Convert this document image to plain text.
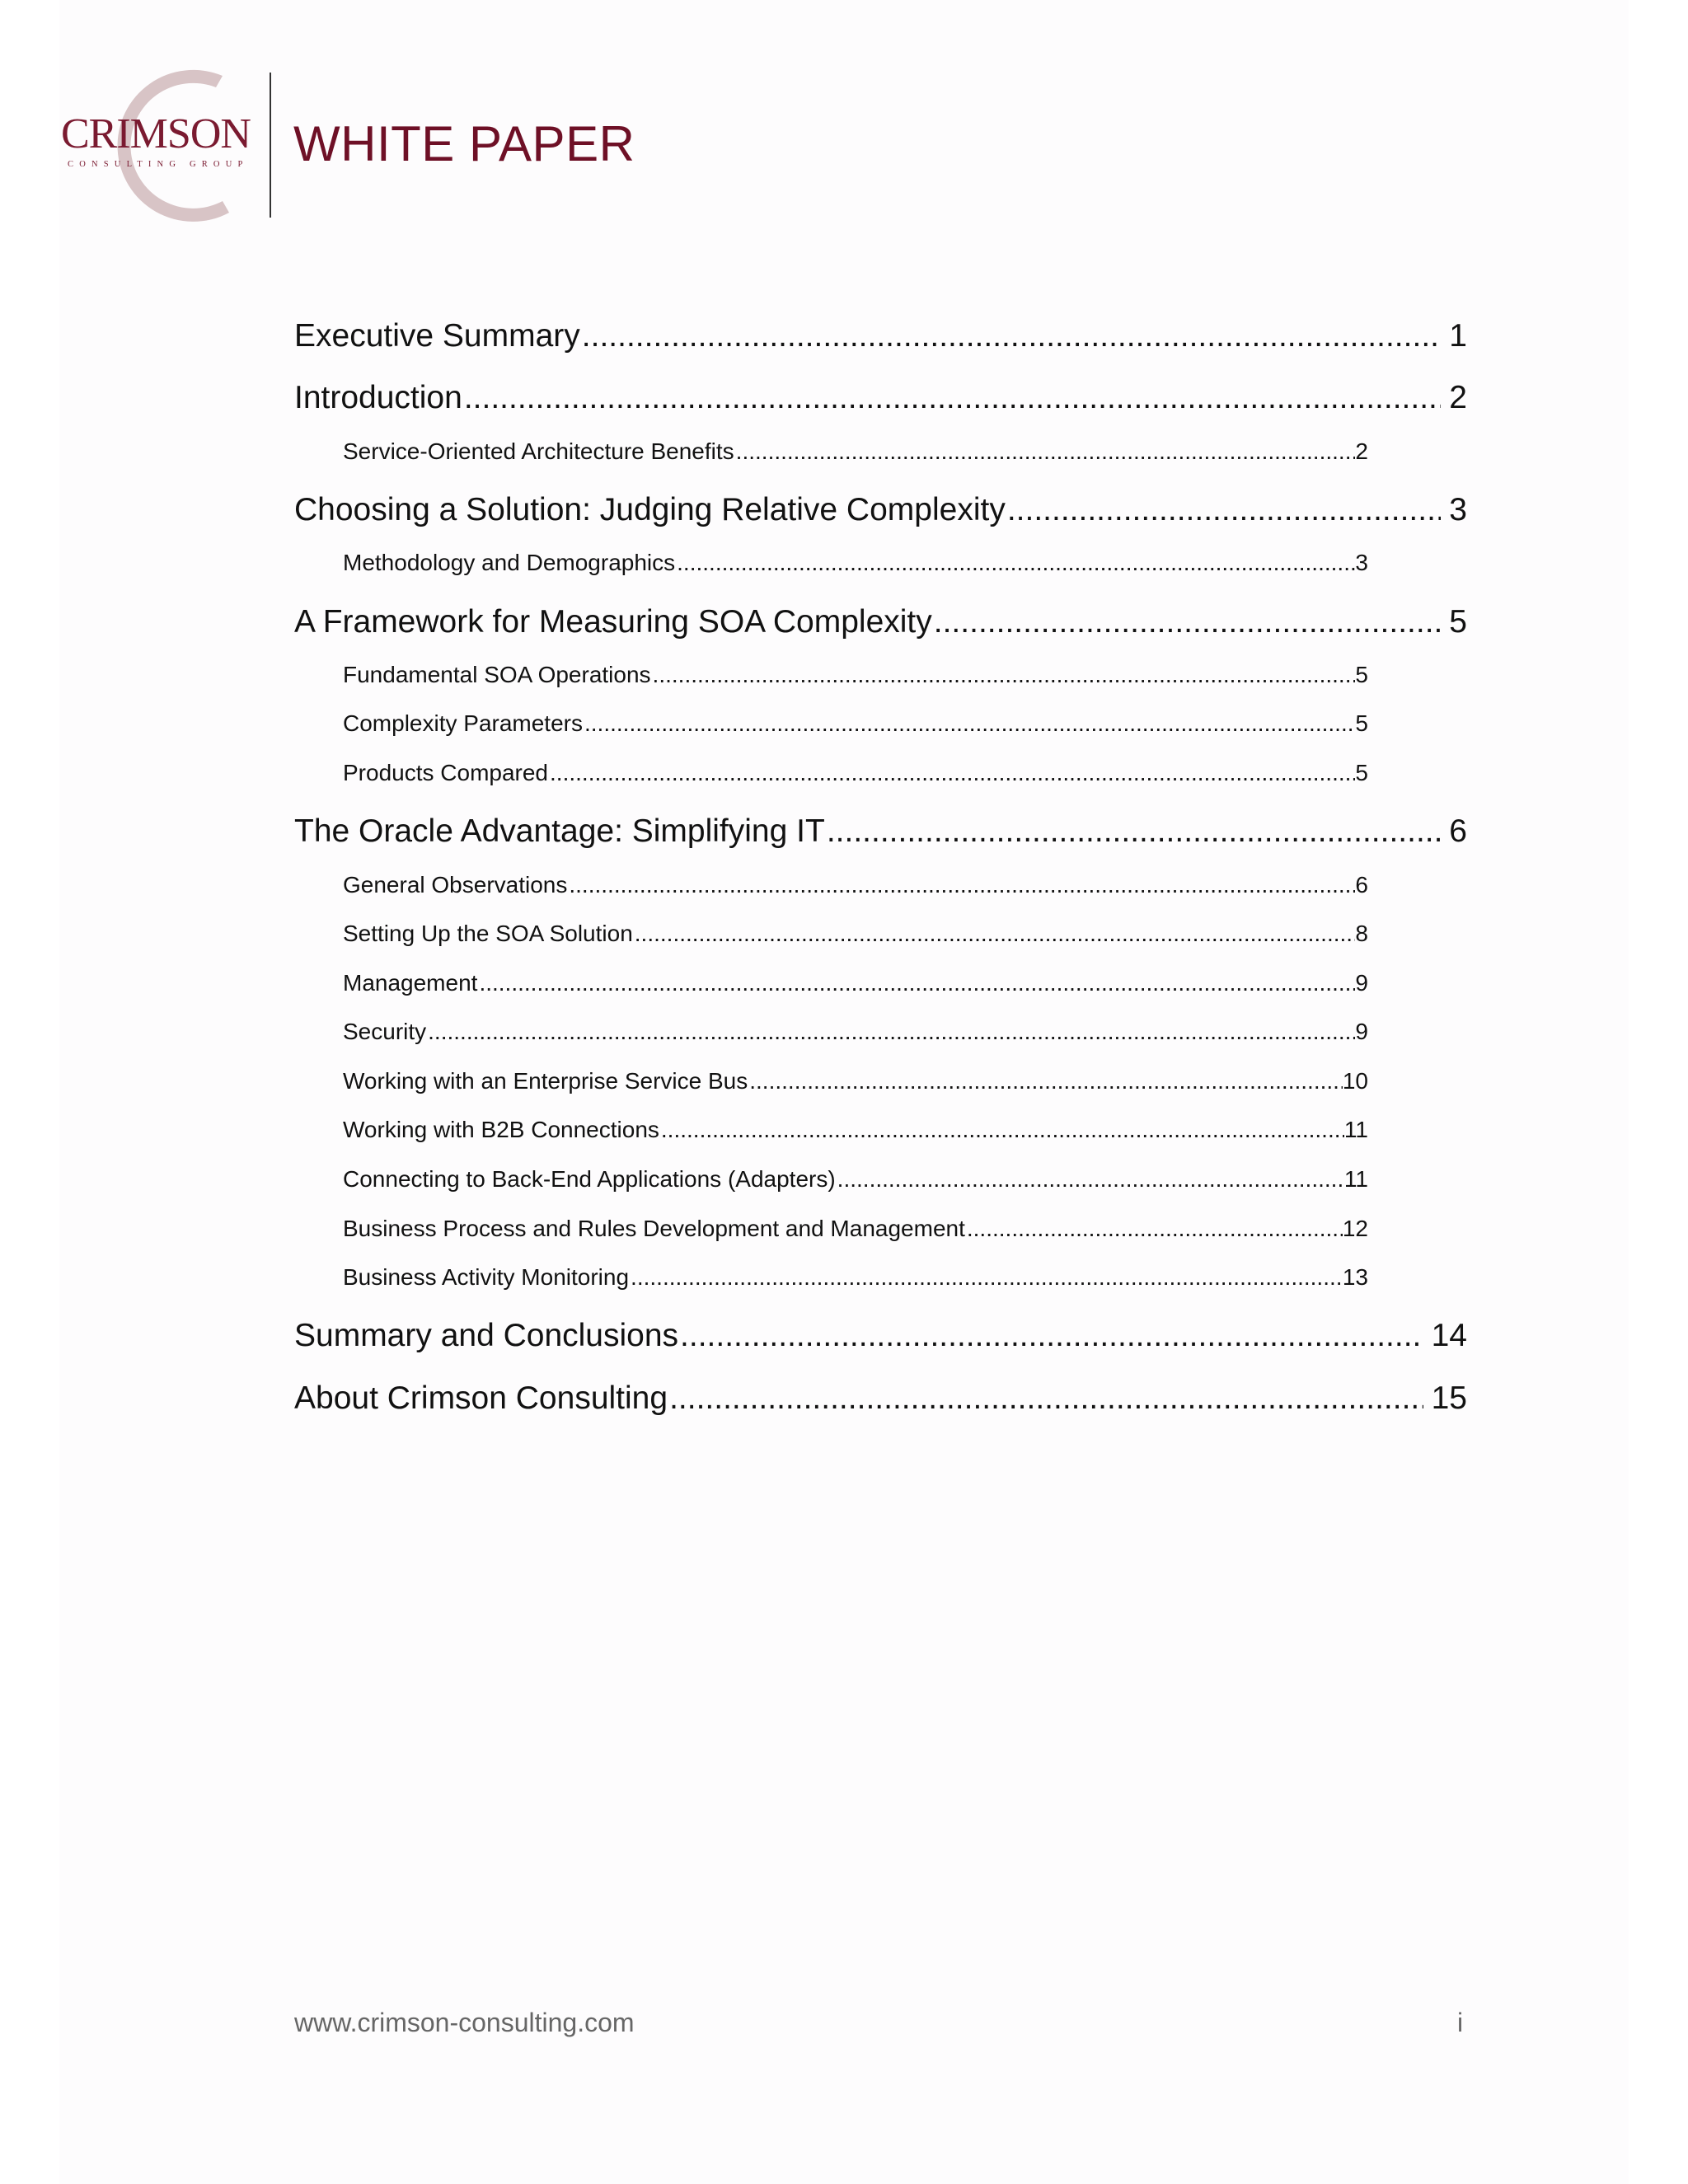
CRIMSON
CONSULTING GROUP WHITE PAPER
Executive Summary .....	1
Introduction .....	2
Service-Oriented Architecture Benefits .....	2
Choosing a Solution: Judging Relative Complexity .....	3
Methodology and Demographics .....	3
A Framework for Measuring SOA Complexity .....	5
Fundamental SOA Operations .....	5
Complexity Parameters .....	5
Products Compared .....	5
The Oracle Advantage: Simplifying IT .....	6
General Observations .....	6
Setting Up the SOA Solution .....	8
Management .....	9
Security .....	9
Working with an Enterprise Service Bus .....	10
Working with B2B Connections .....	11
Connecting to Back-End Applications (Adapters) .....	11
Business Process and Rules Development and Management .....	12
Business Activity Monitoring .....	13
Summary and Conclusions .....	14
About Crimson Consulting .....	15
www.crimson-consulting.com	i
